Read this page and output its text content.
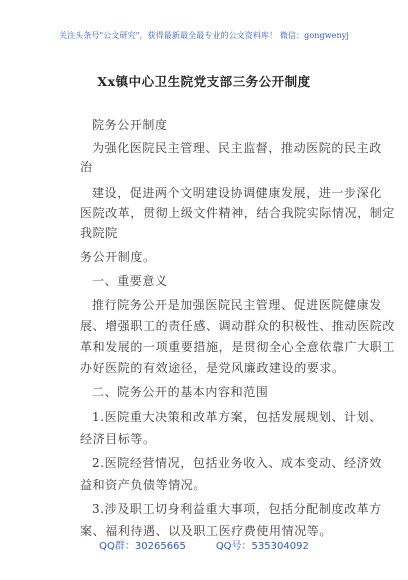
关注头条号"公文研究"，获得最新最全最专业的公文资料库！ 微信：gongwenyj
Xx镇中心卫生院党支部三务公开制度
院务公开制度
为强化医院民主管理、民主监督，推动医院的民主政
治
建设，促进两个文明建设协调健康发展，进一步深化
医院改革，贯彻上级文件精神，结合我院实际情况，制定
我院院
务公开制度。
一、重要意义
推行院务公开是加强医院民主管理、促进医院健康发
展、增强职工的责任感、调动群众的积极性、推动医院改
革和发展的一项重要措施，是贯彻全心全意依靠广大职工
办好医院的有效途径，是党风廉政建设的要求。
二、院务公开的基本内容和范围
1.医院重大决策和改革方案，包括发展规划、计划、
经济目标等。
2.医院经营情况，包括业务收入、成本变动、经济效
益和资产负债等情况。
3.涉及职工切身利益重大事项，包括分配制度改革方
案、福利待遇、以及职工医疗费使用情况等。
QQ群：30265665	QQ号：535304092
